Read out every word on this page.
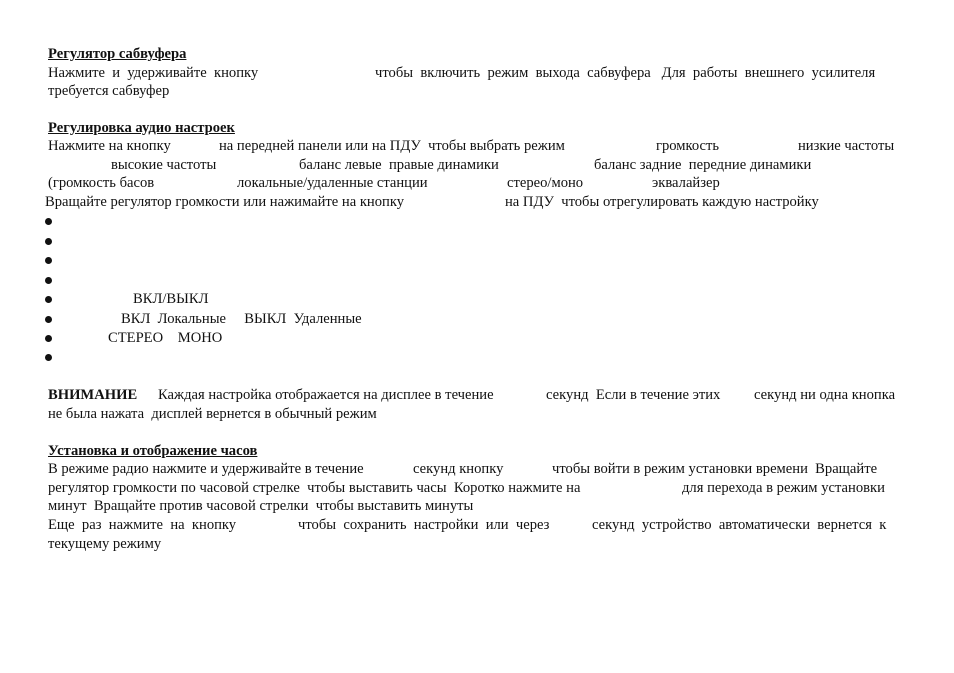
Регулятор сабвуфера
Нажмите  и  удерживайте  кнопку	чтобы  включить  режим  выхода  сабвуфера   Для  работы  внешнего  усилителя
требуется сабвуфер
Регулировка аудио настроек
Нажмите на кнопку	на передней панели или на ПДУ  чтобы выбрать режим	громкость	низкие частоты
высокие частоты	баланс левые  правые динамики	баланс задние  передние динамики
(громкость басов	локальные/удаленные станции	стерео/моно	эквалайзер
Вращайте регулятор громкости или нажимайте на кнопку	на ПДУ  чтобы отрегулировать каждую настройку
ВКЛ/ВЫКЛ
ВКЛ  Локальные     ВЫКЛ  Удаленные
СТЕРЕО    МОНО
ВНИМАНИЕ Каждая настройка отображается на дисплее в течение	секунд  Если в течение этих секунд ни одна кнопка
не была нажата  дисплей вернется в обычный режим
Установка и отображение часов
В режиме радио нажмите и удерживайте в течение	секунд кнопку	чтобы войти в режим установки времени  Вращайте
регулятор громкости по часовой стрелке  чтобы выставить часы  Коротко нажмите на	для перехода в режим установки
минут  Вращайте против часовой стрелки  чтобы выставить минуты
Еще  раз  нажмите  на  кнопку	чтобы  сохранить  настройки  или  через	секунд  устройство  автоматически  вернется  к
текущему режиму
